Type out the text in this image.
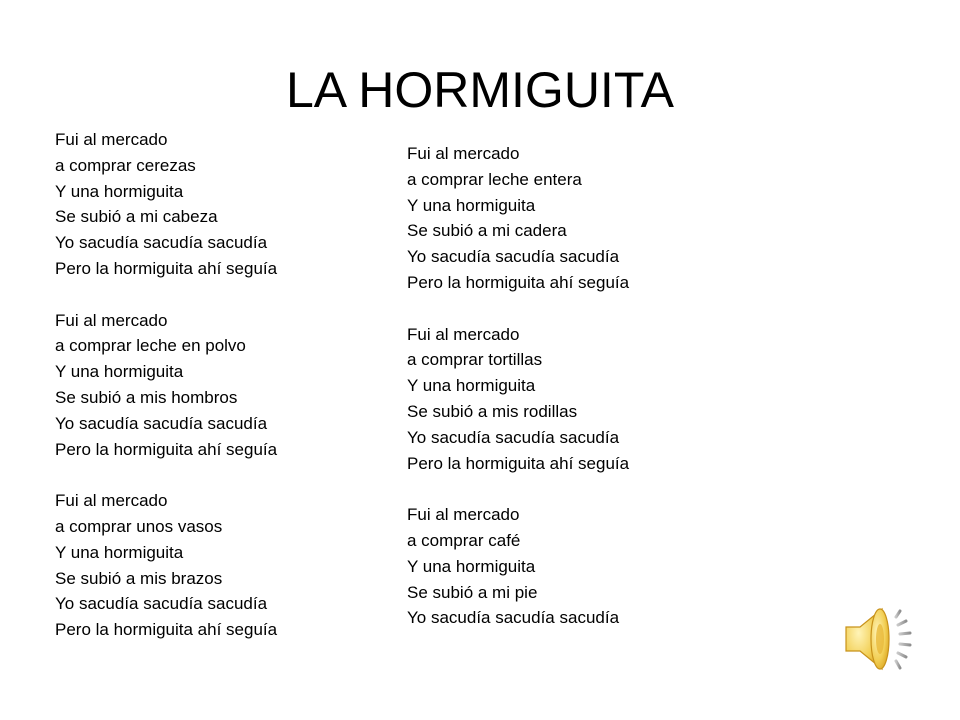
LA HORMIGUITA
Fui al mercado
a comprar cerezas
Y una hormiguita
Se subió a mi cabeza
Yo sacudía sacudía sacudía
Pero la hormiguita ahí seguía
Fui al mercado
a comprar leche en polvo
Y una hormiguita
Se subió a mis hombros
Yo sacudía sacudía sacudía
Pero la hormiguita ahí seguía
Fui al mercado
a comprar unos vasos
Y una hormiguita
Se subió a mis brazos
Yo sacudía sacudía sacudía
Pero la hormiguita ahí seguía
Fui al mercado
a comprar leche entera
Y una hormiguita
Se subió a mi cadera
Yo sacudía sacudía sacudía
Pero la hormiguita ahí seguía
Fui al mercado
a comprar tortillas
Y una hormiguita
Se subió a mis rodillas
Yo sacudía sacudía sacudía
Pero la hormiguita ahí seguía
Fui al mercado
a comprar café
Y una hormiguita
Se subió a mi pie
Yo sacudía sacudía sacudía
